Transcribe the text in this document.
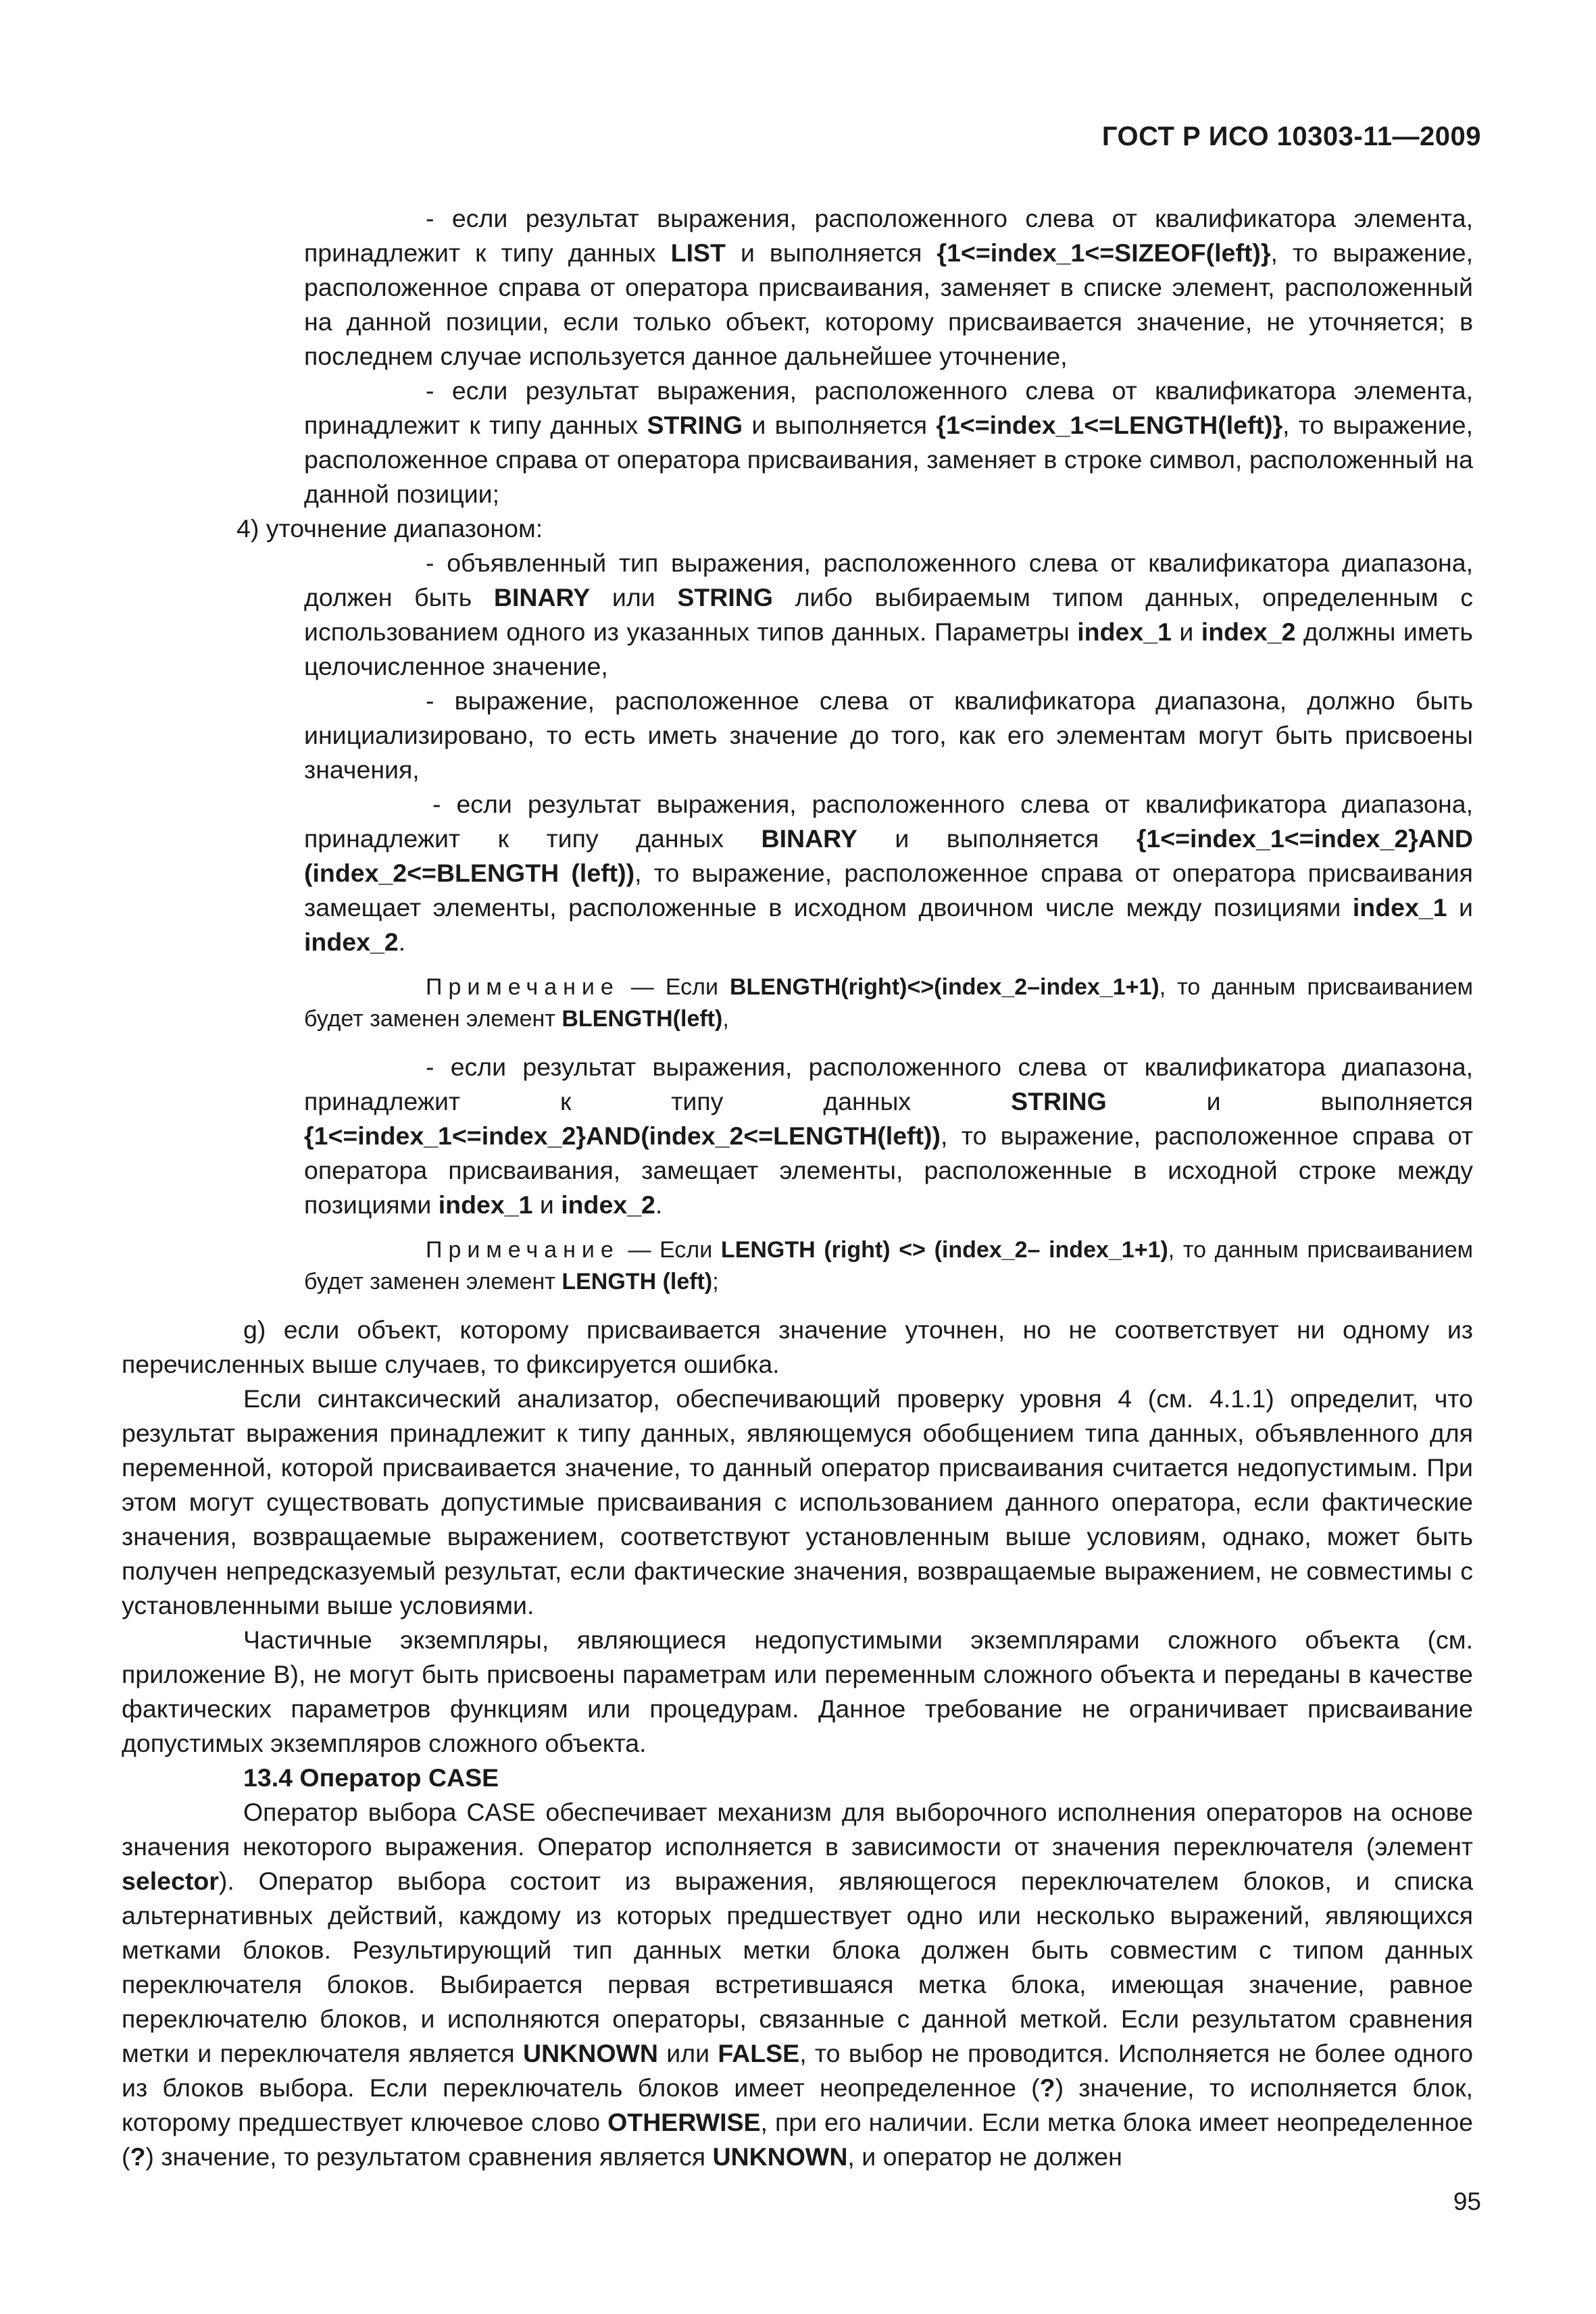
ГОСТ Р ИСО 10303-11—2009

- если результат выражения, расположенного слева от квалификатора элемента, принадлежит к типу данных LIST и выполняется {1<=index_1<=SIZEOF(left)}, то выражение, расположенное справа от оператора присваивания, заменяет в списке элемент, расположенный на данной позиции, если только объект, которому присваивается значение, не уточняется; в последнем случае используется данное дальнейшее уточнение,

- если результат выражения, расположенного слева от квалификатора элемента, принадлежит к типу данных STRING и выполняется {1<=index_1<=LENGTH(left)}, то выражение, расположенное справа от оператора присваивания, заменяет в строке символ, расположенный на данной позиции;

4) уточнение диапазоном:

- объявленный тип выражения, расположенного слева от квалификатора диапазона, должен быть BINARY или STRING либо выбираемым типом данных, определенным с использованием одного из указанных типов данных. Параметры index_1 и index_2 должны иметь целочисленное значение,

- выражение, расположенное слева от квалификатора диапазона, должно быть инициализировано, то есть иметь значение до того, как его элементам могут быть присвоены значения,

- если результат выражения, расположенного слева от квалификатора диапазона, принадлежит к типу данных BINARY и выполняется {1<=index_1<=index_2}AND (index_2<=BLENGTH (left)), то выражение, расположенное справа от оператора присваивания замещает элементы, расположенные в исходном двоичном числе между позициями index_1 и index_2.

Примечание — Если BLENGTH(right)<>(index_2–index_1+1), то данным присваиванием будет заменен элемент BLENGTH(left),

- если результат выражения, расположенного слева от квалификатора диапазона, принадлежит к типу данных STRING и выполняется {1<=index_1<=index_2}AND(index_2<=LENGTH(left)), то выражение, расположенное справа от оператора присваивания, замещает элементы, расположенные в исходной строке между позициями index_1 и index_2.

Примечание — Если LENGTH (right) <> (index_2– index_1+1), то данным присваиванием будет заменен элемент LENGTH (left);

g) если объект, которому присваивается значение уточнен, но не соответствует ни одному из перечисленных выше случаев, то фиксируется ошибка.

Если синтаксический анализатор, обеспечивающий проверку уровня 4 (см. 4.1.1) определит, что результат выражения принадлежит к типу данных, являющемуся обобщением типа данных, объявленного для переменной, которой присваивается значение, то данный оператор присваивания считается недопустимым. При этом могут существовать допустимые присваивания с использованием данного оператора, если фактические значения, возвращаемые выражением, соответствуют установленным выше условиям, однако, может быть получен непредсказуемый результат, если фактические значения, возвращаемые выражением, не совместимы с установленными выше условиями.

Частичные экземпляры, являющиеся недопустимыми экземплярами сложного объекта (см. приложение В), не могут быть присвоены параметрам или переменным сложного объекта и переданы в качестве фактических параметров функциям или процедурам. Данное требование не ограничивает присваивание допустимых экземпляров сложного объекта.

13.4 Оператор CASE

Оператор выбора CASE обеспечивает механизм для выборочного исполнения операторов на основе значения некоторого выражения. Оператор исполняется в зависимости от значения переключателя (элемент selector). Оператор выбора состоит из выражения, являющегося переключателем блоков, и списка альтернативных действий, каждому из которых предшествует одно или несколько выражений, являющихся метками блоков. Результирующий тип данных метки блока должен быть совместим с типом данных переключателя блоков. Выбирается первая встретившаяся метка блока, имеющая значение, равное переключателю блоков, и исполняются операторы, связанные с данной меткой. Если результатом сравнения метки и переключателя является UNKNOWN или FALSE, то выбор не проводится. Исполняется не более одного из блоков выбора. Если переключатель блоков имеет неопределенное (?) значение, то исполняется блок, которому предшествует ключевое слово OTHERWISE, при его наличии. Если метка блока имеет неопределенное (?) значение, то результатом сравнения является UNKNOWN, и оператор не должен

95
